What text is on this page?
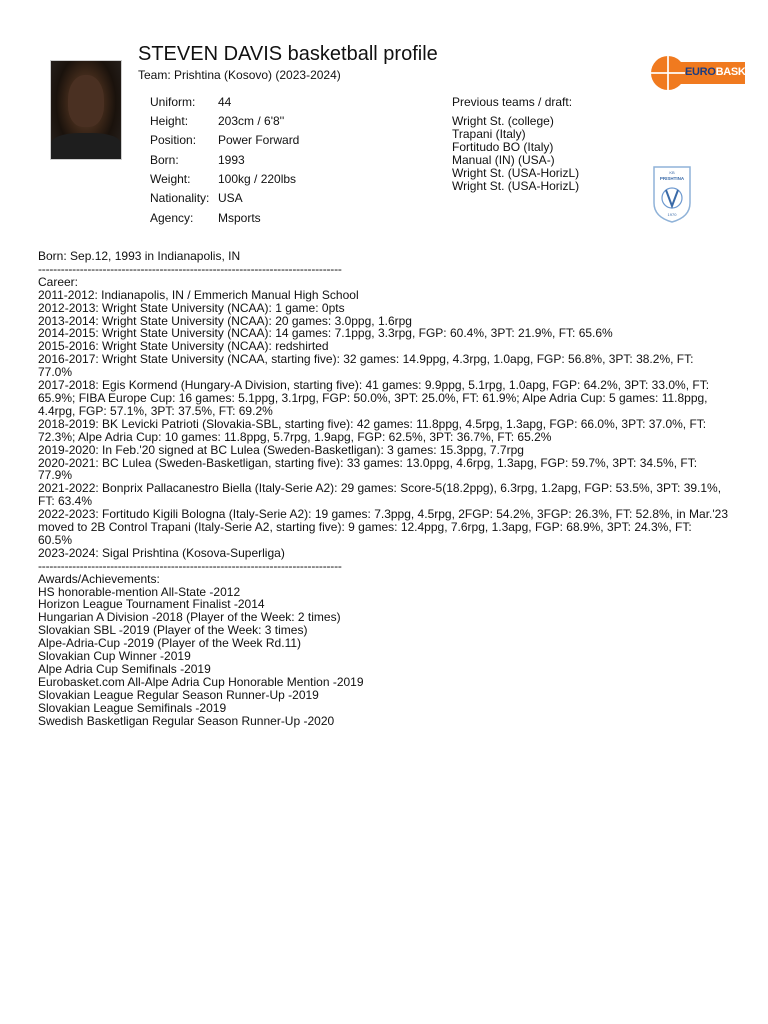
STEVEN DAVIS basketball profile
Team: Prishtina (Kosovo) (2023-2024)
Uniform: 44
Height: 203cm / 6'8''
Position: Power Forward
Born:	1993
Weight: 100kg / 220lbs
Nationality: USA
Agency: Msports
Previous teams / draft:
Wright St. (college)
Trapani (Italy)
Fortitudo BO (Italy)
Manual (IN) (USA-)
Wright St. (USA-HorizL)
Wright St. (USA-HorizL)
EUROBASKET
KB
PRISHTINA
1970

Born: Sep.12, 1993 in Indianapolis, IN

--------------------------------------------------------------------------------

Career:

2011-2012: Indianapolis, IN / Emmerich Manual High School

2012-2013: Wright State University (NCAA): 1 game: 0pts

2013-2014: Wright State University (NCAA): 20 games: 3.0ppg, 1.6rpg

2014-2015: Wright State University (NCAA): 14 games: 7.1ppg, 3.3rpg, FGP: 60.4%, 3PT: 21.9%, FT: 65.6%

2015-2016: Wright State University (NCAA): redshirted

2016-2017: Wright State University (NCAA, starting five): 32 games: 14.9ppg, 4.3rpg, 1.0apg, FGP: 56.8%, 3PT: 38.2%, FT: 77.0%

2017-2018: Egis Kormend (Hungary-A Division, starting five): 41 games: 9.9ppg, 5.1rpg, 1.0apg, FGP: 64.2%, 3PT: 33.0%, FT: 65.9%; FIBA Europe Cup: 16 games: 5.1ppg, 3.1rpg, FGP: 50.0%, 3PT: 25.0%, FT: 61.9%; Alpe Adria Cup: 5 games: 11.8ppg, 4.4rpg, FGP: 57.1%, 3PT: 37.5%, FT: 69.2%

2018-2019: BK Levicki Patrioti (Slovakia-SBL, starting five): 42 games: 11.8ppg, 4.5rpg, 1.3apg, FGP: 66.0%, 3PT: 37.0%, FT: 72.3%; Alpe Adria Cup: 10 games: 11.8ppg, 5.7rpg, 1.9apg, FGP: 62.5%, 3PT: 36.7%, FT: 65.2%

2019-2020: In Feb.'20 signed at BC Lulea (Sweden-Basketligan): 3 games: 15.3ppg, 7.7rpg

2020-2021: BC Lulea (Sweden-Basketligan, starting five): 33 games: 13.0ppg, 4.6rpg, 1.3apg, FGP: 59.7%, 3PT: 34.5%, FT: 77.9%

2021-2022: Bonprix Pallacanestro Biella (Italy-Serie A2): 29 games: Score-5(18.2ppg), 6.3rpg, 1.2apg, FGP: 53.5%, 3PT: 39.1%, FT: 63.4%

2022-2023: Fortitudo Kigili Bologna (Italy-Serie A2): 19 games: 7.3ppg, 4.5rpg, 2FGP: 54.2%, 3FGP: 26.3%, FT: 52.8%, in Mar.'23 moved to 2B Control Trapani (Italy-Serie A2, starting five): 9 games: 12.4ppg, 7.6rpg, 1.3apg, FGP: 68.9%, 3PT: 24.3%, FT: 60.5%

2023-2024: Sigal Prishtina (Kosova-Superliga)

--------------------------------------------------------------------------------

Awards/Achievements:

HS honorable-mention All-State -2012

Horizon League Tournament Finalist -2014

Hungarian A Division -2018 (Player of the Week: 2 times)

Slovakian SBL -2019 (Player of the Week: 3 times)

Alpe-Adria-Cup -2019 (Player of the Week Rd.11)

Slovakian Cup Winner -2019

Alpe Adria Cup Semifinals -2019

Eurobasket.com All-Alpe Adria Cup Honorable Mention -2019

Slovakian League Regular Season Runner-Up -2019

Slovakian League Semifinals -2019

Swedish Basketligan Regular Season Runner-Up -2020
